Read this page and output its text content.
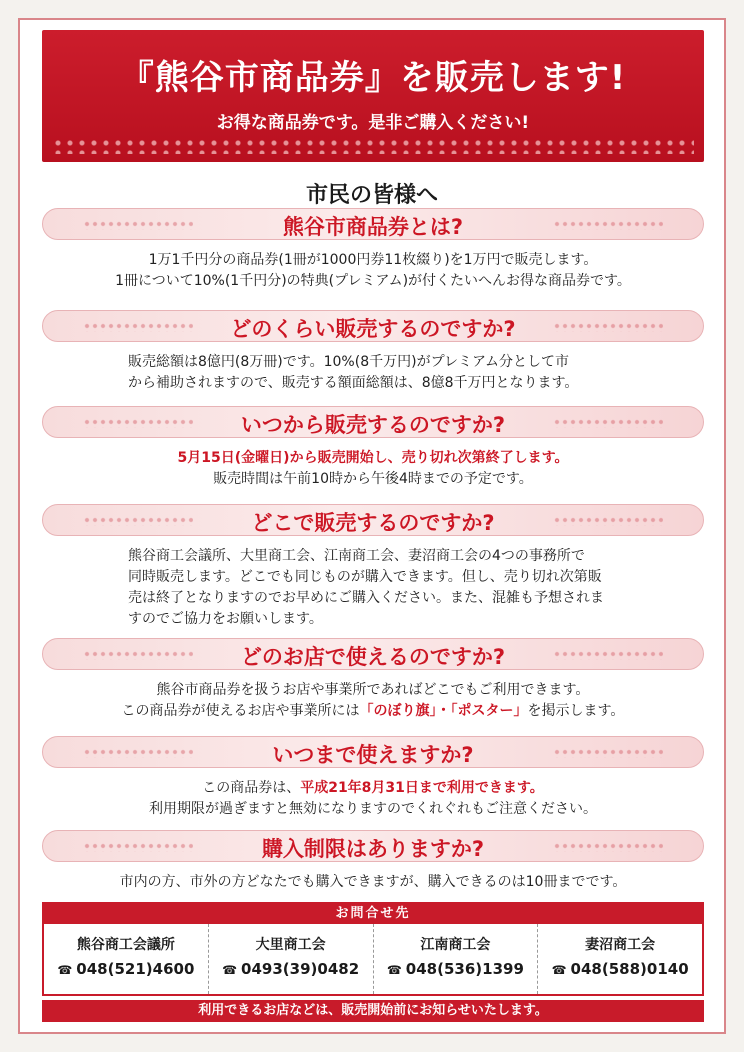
『熊谷市商品券』を販売します!
お得な商品券です。是非ご購入ください!
市民の皆様へ
熊谷市商品券とは?
1万1千円分の商品券(1冊が1000円券11枚綴り)を1万円で販売します。
1冊について10%(1千円分)の特典(プレミアム)が付くたいへんお得な商品券です。
どのくらい販売するのですか?
販売総額は8億円(8万冊)です。10%(8千万円)がプレミアム分として市
から補助されますので、販売する額面総額は、8億8千万円となります。
いつから販売するのですか?
5月15日(金曜日)から販売開始し、売り切れ次第終了します。
販売時間は午前10時から午後4時までの予定です。
どこで販売するのですか?
熊谷商工会議所、大里商工会、江南商工会、妻沼商工会の4つの事務所で
同時販売します。どこでも同じものが購入できます。但し、売り切れ次第販
売は終了となりますのでお早めにご購入ください。また、混雑も予想されま
すのでご協力をお願いします。
どのお店で使えるのですか?
熊谷市商品券を扱うお店や事業所であればどこでもご利用できます。
この商品券が使えるお店や事業所には「のぼり旗」・「ポスター」を掲示します。
いつまで使えますか?
この商品券は、平成21年8月31日まで利用できます。
利用期限が過ぎますと無効になりますのでくれぐれもご注意ください。
購入制限はありますか?
市内の方、市外の方どなたでも購入できますが、購入できるのは10冊までです。
お問合せ先
熊谷商工会議所
☎ 048(521)4600
大里商工会
☎ 0493(39)0482
江南商工会
☎ 048(536)1399
妻沼商工会
☎ 048(588)0140
利用できるお店などは、販売開始前にお知らせいたします。
